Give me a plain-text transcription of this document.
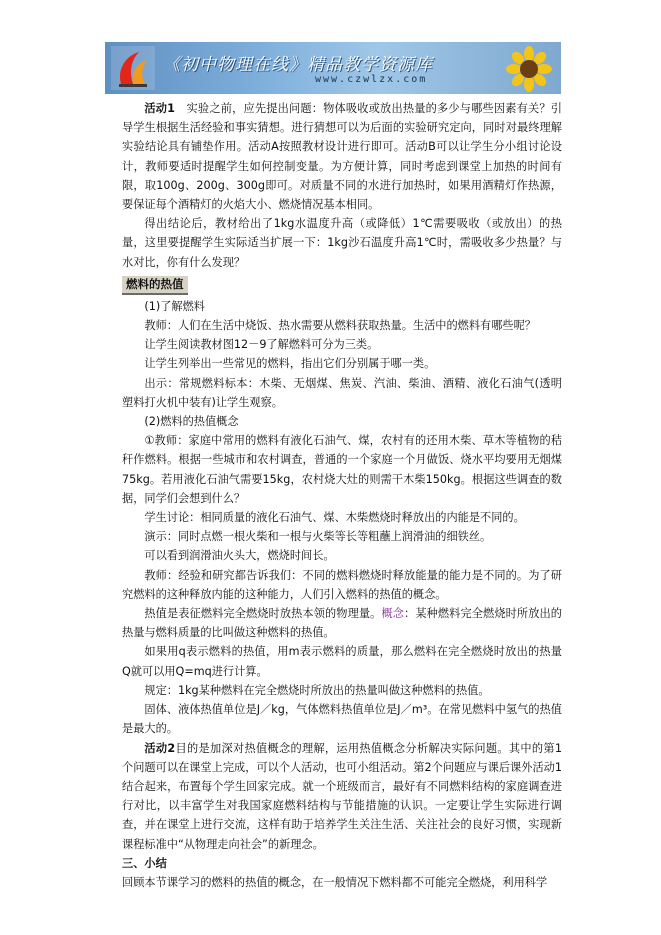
《初中物理在线》精品教学资源库
www.czwlzx.com

活动1　 实验之前，应先提出问题：物体吸收或放出热量的多少与哪些因素有关？引导学生根据生活经验和事实猜想。进行猜想可以为后面的实验研究定向，同时对最终理解实验结论具有铺垫作用。活动A按照教材设计进行即可。活动B可以让学生分小组讨论设计，教师要适时提醒学生如何控制变量。为方便计算，同时考虑到课堂上加热的时间有限，取100g、200g、300g即可。对质量不同的水进行加热时，如果用酒精灯作热源，要保证每个酒精灯的火焰大小、燃烧情况基本相同。

得出结论后，教材给出了1kg水温度升高（或降低）1℃需要吸收（或放出）的热量，这里要提醒学生实际适当扩展一下：1kg沙石温度升高1℃时，需吸收多少热量？与水对比，你有什么发现？

燃料的热值

(1)了解燃料

教师：人们在生活中烧饭、热水需要从燃料获取热量。生活中的燃料有哪些呢？

让学生阅读教材图12－9了解燃料可分为三类。

让学生列举出一些常见的燃料，指出它们分别属于哪一类。

出示：常规燃料标本：木柴、无烟煤、焦炭、汽油、柴油、酒精、液化石油气(透明塑料打火机中装有)让学生观察。

(2)燃料的热值概念

①教师：家庭中常用的燃料有液化石油气、煤，农村有的还用木柴、草木等植物的秸秆作燃料。根据一些城市和农村调查，普通的一个家庭一个月做饭、烧水平均要用无烟煤75kg。若用液化石油气需要15kg，农村烧大灶的则需干木柴150kg。根据这些调查的数据，同学们会想到什么？

学生讨论：相同质量的液化石油气、煤、木柴燃烧时释放出的内能是不同的。

演示：同时点燃一根火柴和一根与火柴等长等粗蘸上润滑油的细铁丝。

可以看到润滑油火头大，燃烧时间长。

教师：经验和研究都告诉我们：不同的燃料燃烧时释放能量的能力是不同的。为了研究燃料的这种释放内能的这种能力，人们引入燃料的热值的概念。

热值是表征燃料完全燃烧时放热本领的物理量。概念：某种燃料完全燃烧时所放出的热量与燃料质量的比叫做这种燃料的热值。

如果用q表示燃料的热值，用m表示燃料的质量，那么燃料在完全燃烧时放出的热量Q就可以用Q=mq进行计算。

规定：1kg某种燃料在完全燃烧时所放出的热量叫做这种燃料的热值。

固体、液体热值单位是J／kg，气体燃料热值单位是J／m³。在常见燃料中氢气的热值是最大的。

活动2目的是加深对热值概念的理解，运用热值概念分析解决实际问题。其中的第1个问题可以在课堂上完成，可以个人活动，也可小组活动。第2个问题应与课后课外活动1结合起来，布置每个学生回家完成。就一个班级而言，最好有不同燃料结构的家庭调查进行对比，以丰富学生对我国家庭燃料结构与节能措施的认识。一定要让学生实际进行调查，并在课堂上进行交流，这样有助于培养学生关注生活、关注社会的良好习惯，实现新课程标准中“从物理走向社会”的新理念。

三、小结

回顾本节课学习的燃料的热值的概念，在一般情况下燃料都不可能完全燃烧，利用科学
